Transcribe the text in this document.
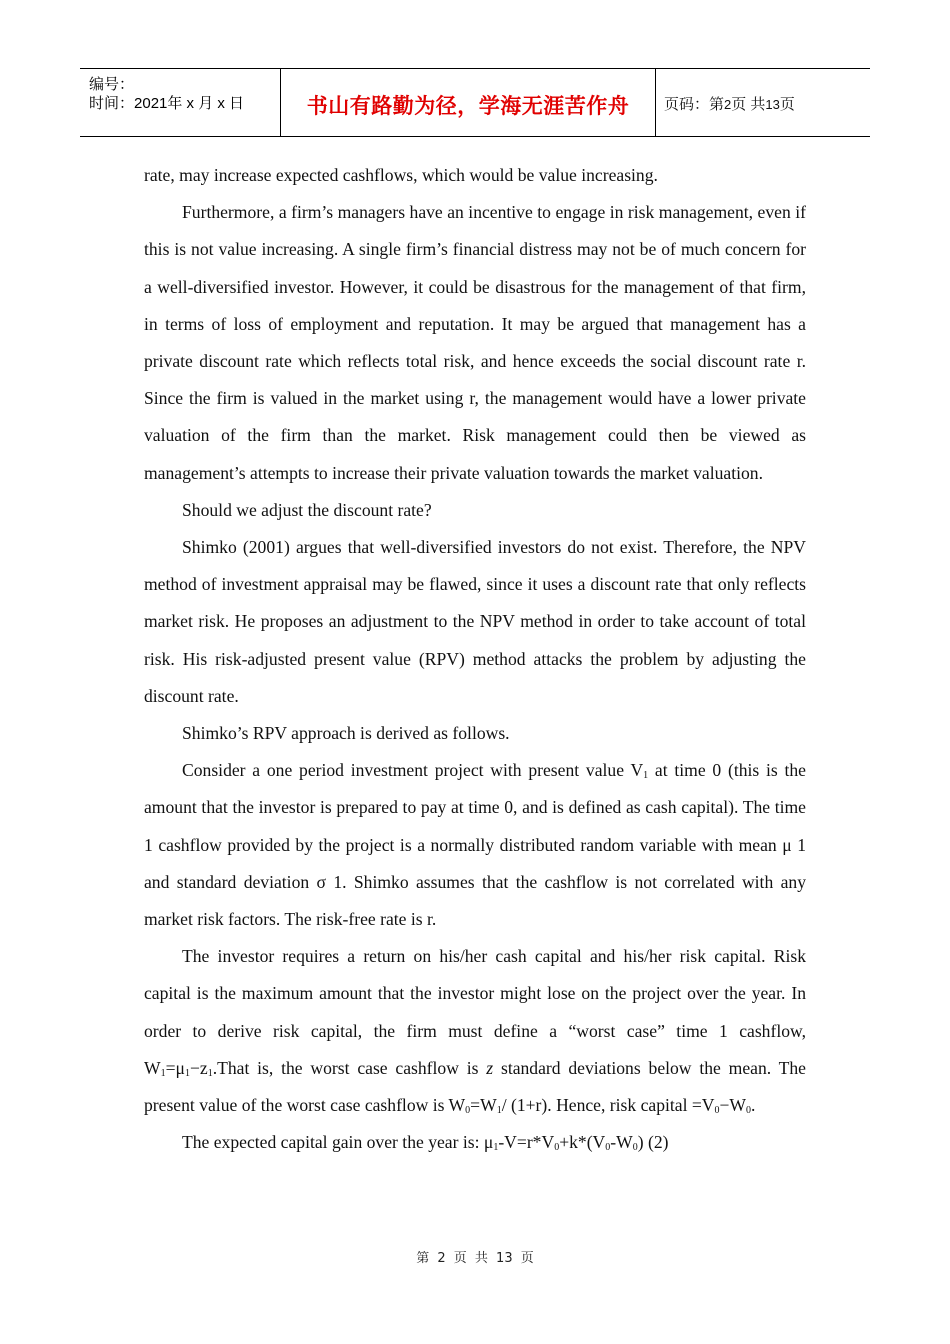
编号：
时间：2021年 x 月 x 日	书山有路勤为径，学海无涯苦作舟	页码：第2页 共13页

rate, may increase expected cashflows, which would be value increasing.

Furthermore, a firm’s managers have an incentive to engage in risk management, even if this is not value increasing. A single firm’s financial distress may not be of much concern for a well-diversified investor. However, it could be disastrous for the management of that firm, in terms of loss of employment and reputation. It may be argued that management has a private discount rate which reflects total risk, and hence exceeds the social discount rate r. Since the firm is valued in the market using r, the management would have a lower private valuation of the firm than the market. Risk management could then be viewed as management’s attempts to increase their private valuation towards the market valuation.

Should we adjust the discount rate?

Shimko (2001) argues that well-diversified investors do not exist. Therefore, the NPV method of investment appraisal may be flawed, since it uses a discount rate that only reflects market risk. He proposes an adjustment to the NPV method in order to take account of total risk. His risk-adjusted present value (RPV) method attacks the problem by adjusting the discount rate.

Shimko’s RPV approach is derived as follows.

Consider a one period investment project with present value $V_1$ at time 0 (this is the amount that the investor is prepared to pay at time 0, and is defined as cash capital). The time 1 cashflow provided by the project is a normally distributed random variable with mean μ 1 and standard deviation σ 1. Shimko assumes that the cashflow is not correlated with any market risk factors. The risk-free rate is r.

The investor requires a return on his/her cash capital and his/her risk capital. Risk capital is the maximum amount that the investor might lose on the project over the year. In order to derive risk capital, the firm must define a “worst case” time 1 cashflow, $W_1=\mu_1-z_1.That$ is, the worst case cashflow is z standard deviations below the mean. The present value of the worst case cashflow is $W_0=W_1/$ (1+r). Hence, risk capital $=V_0-W_0$.

The expected capital gain over the year is: $\mu_1-V=r*V_0+k*(V_0-W_0)$ (2)

第 2 页 共 13 页
